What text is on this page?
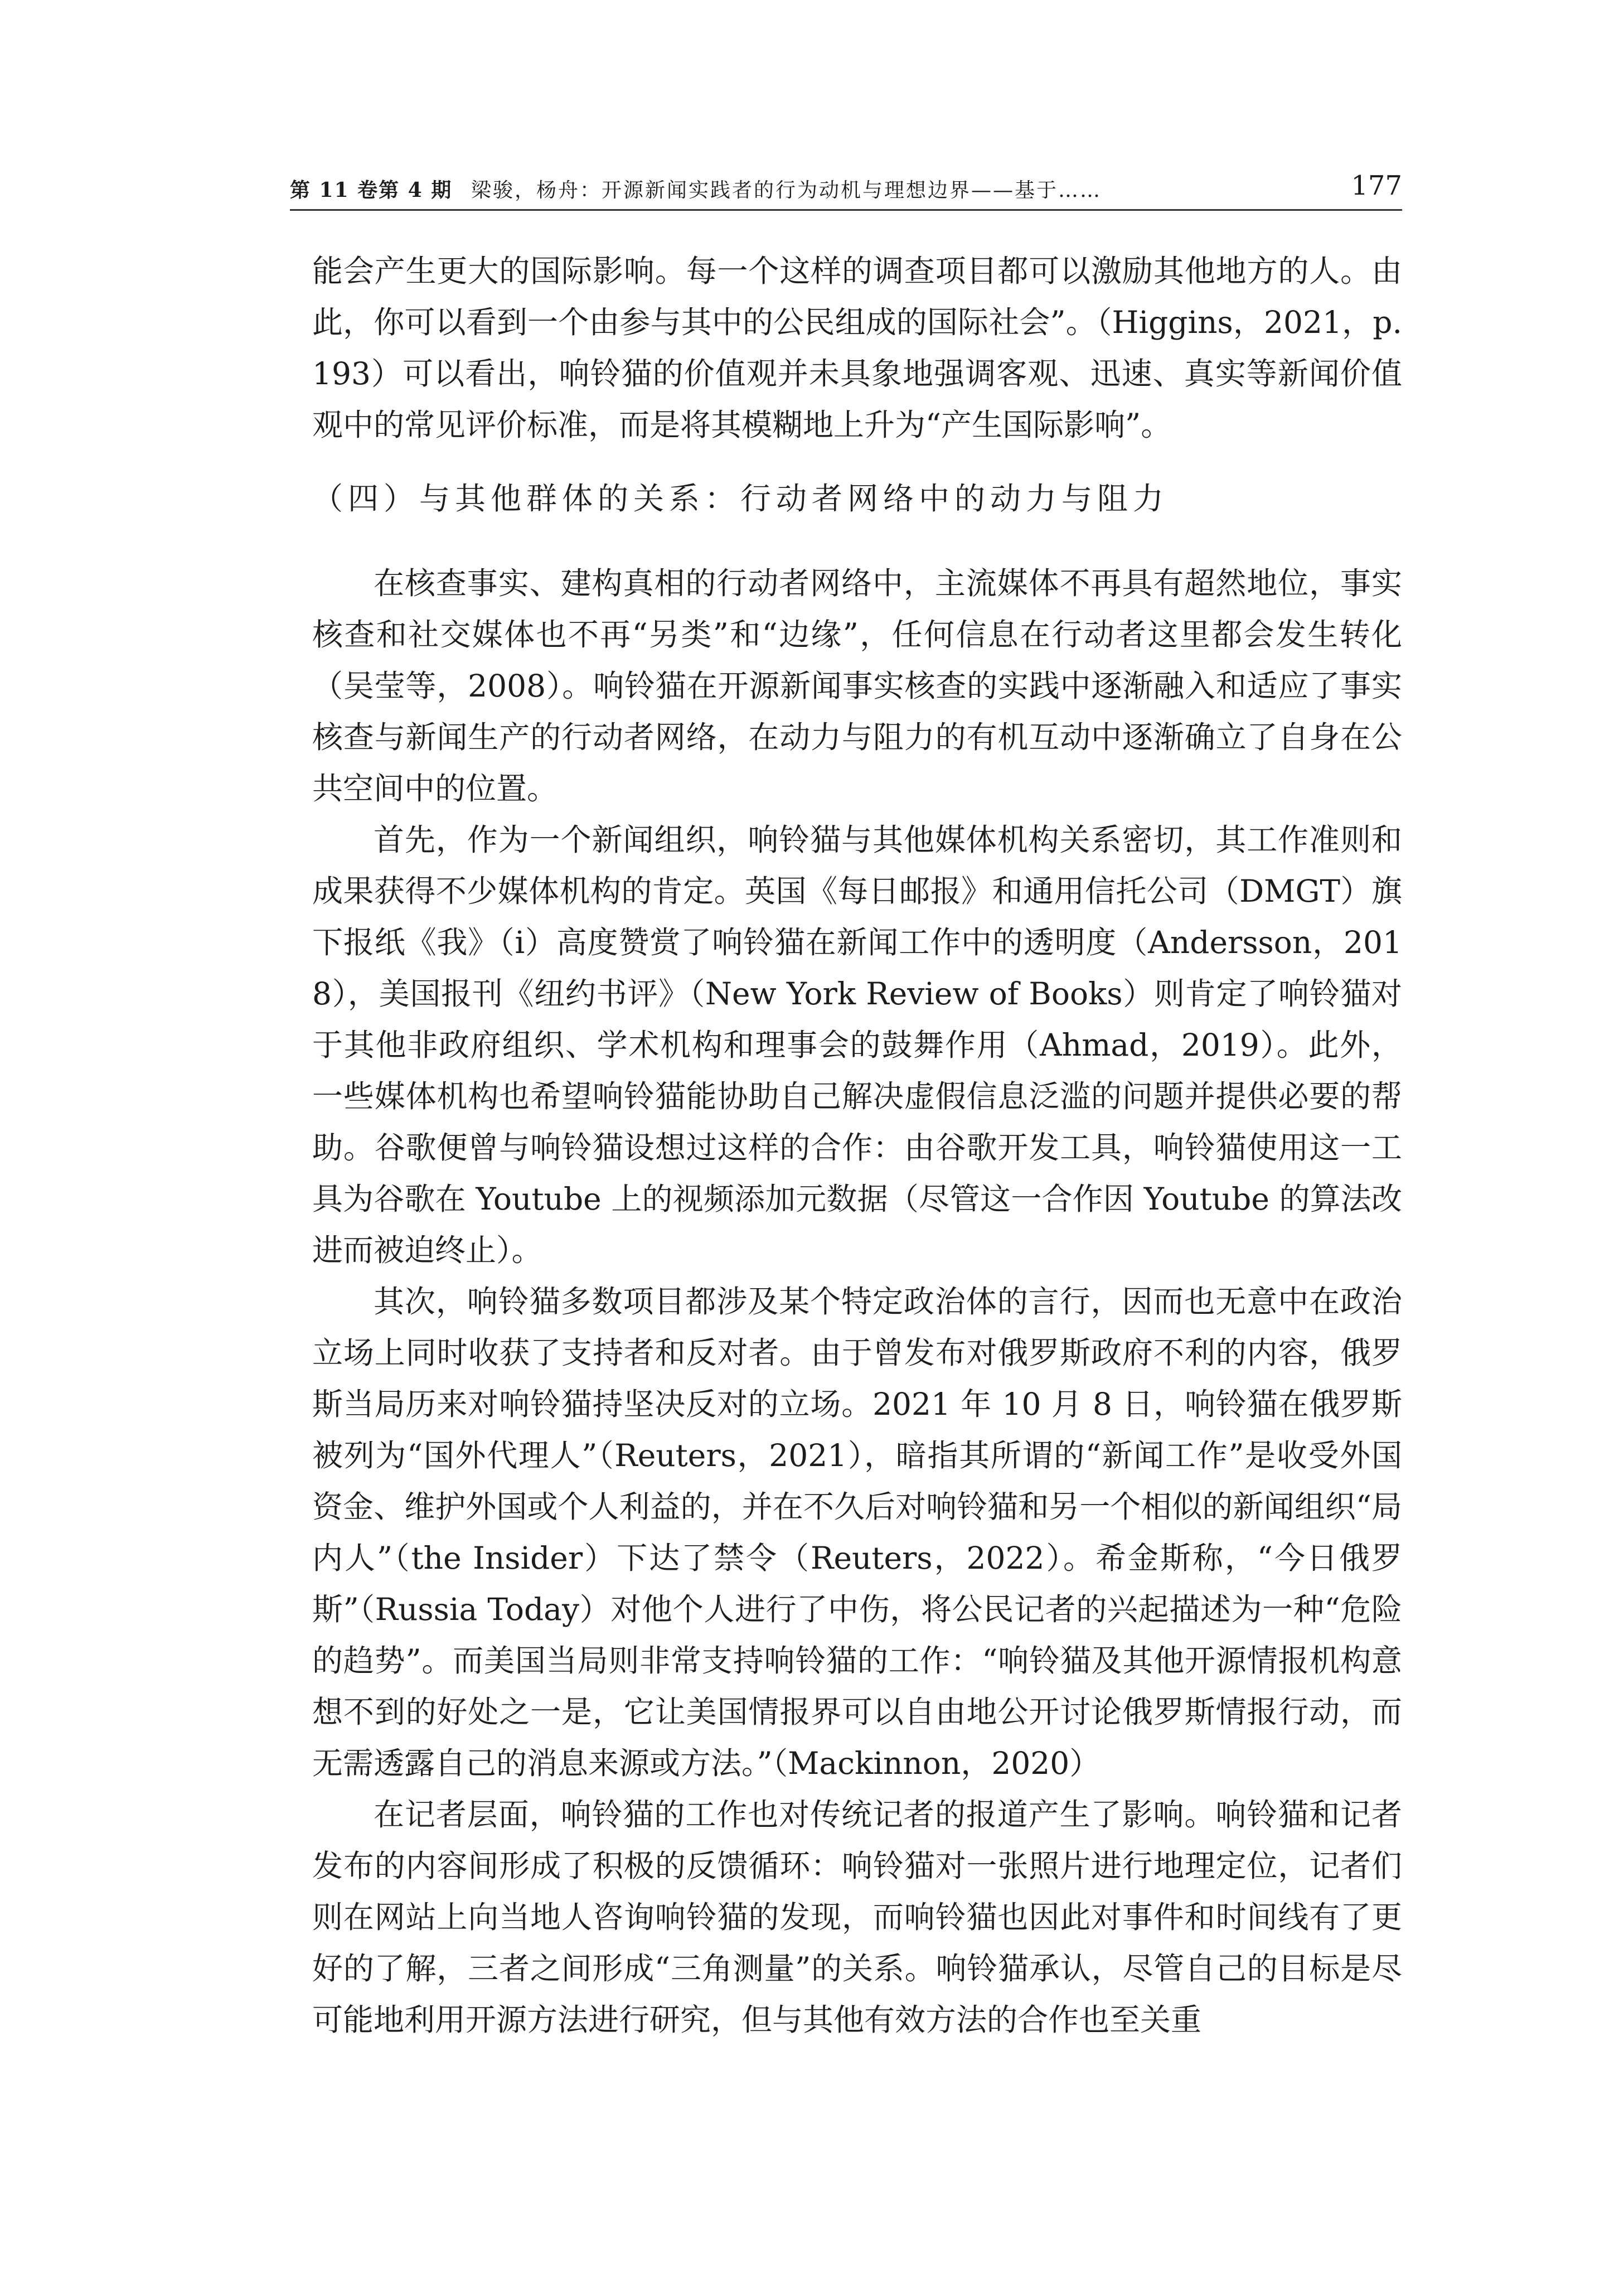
第 11 卷第 4 期 梁骏，杨舟：开源新闻实践者的行为动机与理想边界——基于……	177

能会产生更大的国际影响。每一个这样的调查项目都可以激励其他地方的人。由此，你可以看到一个由参与其中的公民组成的国际社会”。（Higgins，2021，p. 193）可以看出，响铃猫的价值观并未具象地强调客观、迅速、真实等新闻价值观中的常见评价标准，而是将其模糊地上升为“产生国际影响”。

（四）与其他群体的关系：行动者网络中的动力与阻力

在核查事实、建构真相的行动者网络中，主流媒体不再具有超然地位，事实核查和社交媒体也不再“另类”和“边缘”，任何信息在行动者这里都会发生转化（吴莹等，2008）。响铃猫在开源新闻事实核查的实践中逐渐融入和适应了事实核查与新闻生产的行动者网络，在动力与阻力的有机互动中逐渐确立了自身在公共空间中的位置。

首先，作为一个新闻组织，响铃猫与其他媒体机构关系密切，其工作准则和成果获得不少媒体机构的肯定。英国《每日邮报》和通用信托公司（DMGT）旗下报纸《我》（i）高度赞赏了响铃猫在新闻工作中的透明度（Andersson，2018），美国报刊《纽约书评》（New York Review of Books）则肯定了响铃猫对于其他非政府组织、学术机构和理事会的鼓舞作用（Ahmad，2019）。此外，一些媒体机构也希望响铃猫能协助自己解决虚假信息泛滥的问题并提供必要的帮助。谷歌便曾与响铃猫设想过这样的合作：由谷歌开发工具，响铃猫使用这一工具为谷歌在 Youtube 上的视频添加元数据（尽管这一合作因 Youtube 的算法改进而被迫终止）。

其次，响铃猫多数项目都涉及某个特定政治体的言行，因而也无意中在政治立场上同时收获了支持者和反对者。由于曾发布对俄罗斯政府不利的内容，俄罗斯当局历来对响铃猫持坚决反对的立场。2021 年 10 月 8 日，响铃猫在俄罗斯被列为“国外代理人”（Reuters，2021），暗指其所谓的“新闻工作”是收受外国资金、维护外国或个人利益的，并在不久后对响铃猫和另一个相似的新闻组织“局内人”（the Insider）下达了禁令（Reuters，2022）。希金斯称，“今日俄罗斯”（Russia Today）对他个人进行了中伤，将公民记者的兴起描述为一种“危险的趋势”。而美国当局则非常支持响铃猫的工作：“响铃猫及其他开源情报机构意想不到的好处之一是，它让美国情报界可以自由地公开讨论俄罗斯情报行动，而无需透露自己的消息来源或方法。”（Mackinnon，2020）

在记者层面，响铃猫的工作也对传统记者的报道产生了影响。响铃猫和记者发布的内容间形成了积极的反馈循环：响铃猫对一张照片进行地理定位，记者们则在网站上向当地人咨询响铃猫的发现，而响铃猫也因此对事件和时间线有了更好的了解，三者之间形成“三角测量”的关系。响铃猫承认，尽管自己的目标是尽可能地利用开源方法进行研究，但与其他有效方法的合作也至关重
